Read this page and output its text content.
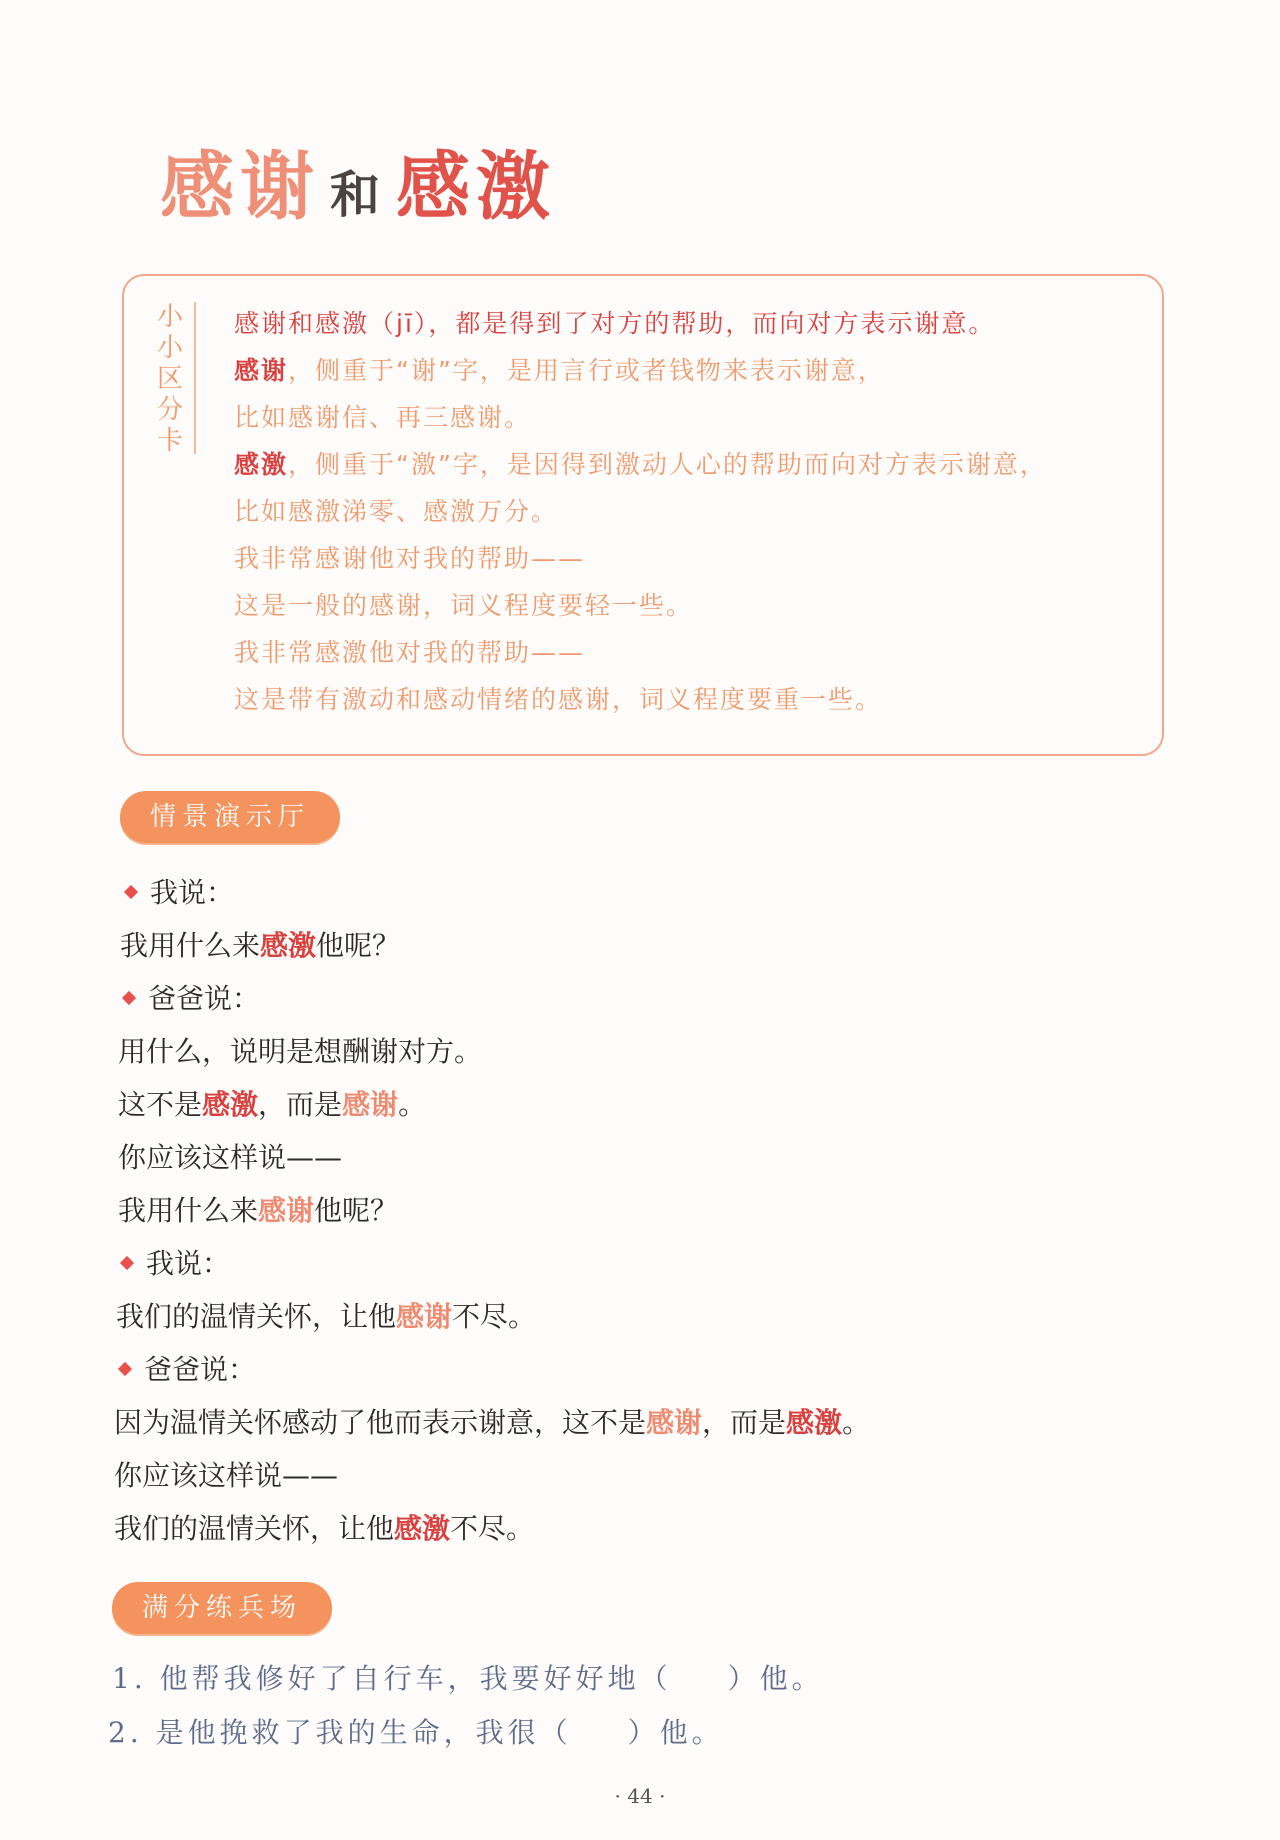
感谢 和 感激
小
小
区
分
卡
感谢和感激（jī），都是得到了对方的帮助，而向对方表示谢意。
感谢，侧重于“谢”字，是用言行或者钱物来表示谢意，
比如感谢信、再三感谢。
感激，侧重于“激”字，是因得到激动人心的帮助而向对方表示谢意，
比如感激涕零、感激万分。
我非常感谢他对我的帮助——
这是一般的感谢，词义程度要轻一些。
我非常感激他对我的帮助——
这是带有激动和感动情绪的感谢，词义程度要重一些。
情景演示厅
我说：
我用什么来感激他呢？
爸爸说：
用什么，说明是想酬谢对方。
这不是感激，而是感谢。
你应该这样说——
我用什么来感谢他呢？
我说：
我们的温情关怀，让他感谢不尽。
爸爸说：
因为温情关怀感动了他而表示谢意，这不是感谢，而是感激。
你应该这样说——
我们的温情关怀，让他感激不尽。
满分练兵场
1. 他帮我修好了自行车，我要好好地（ ）他。
2. 是他挽救了我的生命，我很（ ）他。
· 44 ·
